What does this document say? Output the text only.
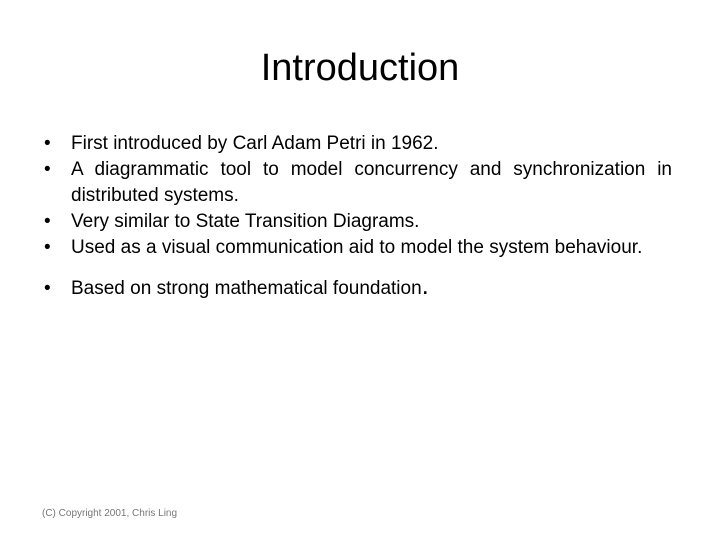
Introduction
•	First introduced by Carl Adam Petri in 1962.
•	A diagrammatic tool to model concurrency and synchronization in distributed systems.
•	Very similar to State Transition Diagrams.
•	Used as a visual communication aid to model the system behaviour.
•	Based on strong mathematical foundation.
(C) Copyright 2001, Chris Ling
